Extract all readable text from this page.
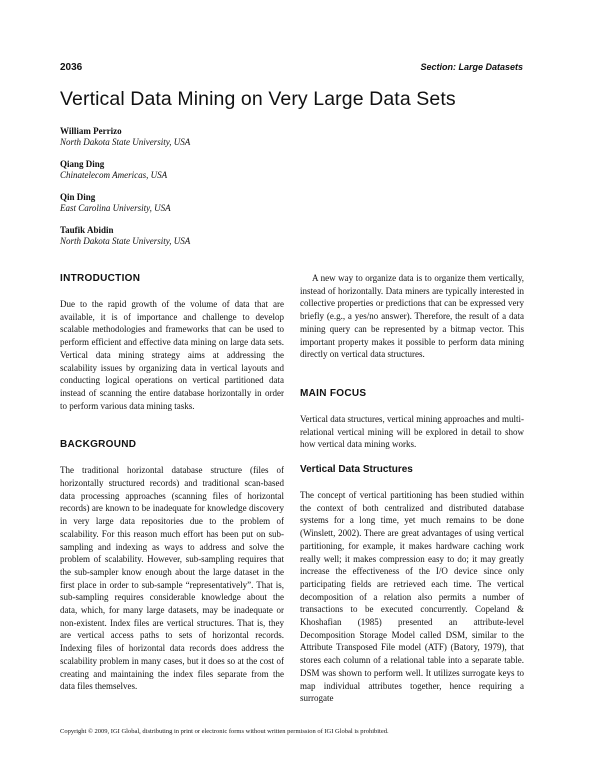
2036	Section: Large Datasets
Vertical Data Mining on Very Large Data Sets
William Perrizo
North Dakota State University, USA
Qiang Ding
Chinatelecom Americas, USA
Qin Ding
East Carolina University, USA
Taufik Abidin
North Dakota State University, USA
INTRODUCTION

Due to the rapid growth of the volume of data that are available, it is of importance and challenge to develop scalable methodologies and frameworks that can be used to perform efficient and effective data mining on large data sets. Vertical data mining strategy aims at addressing the scalability issues by organizing data in vertical layouts and conducting logical operations on vertical partitioned data instead of scanning the entire database horizontally in order to perform various data mining tasks.

BACKGROUND

The traditional horizontal database structure (files of horizontally structured records) and traditional scan-based data processing approaches (scanning files of horizontal records) are known to be inadequate for knowledge discovery in very large data repositories due to the problem of scalability. For this reason much effort has been put on sub-sampling and indexing as ways to address and solve the problem of scalability. However, sub-sampling requires that the sub-sampler know enough about the large dataset in the first place in order to sub-sample “representatively”. That is, sub-sampling requires considerable knowledge about the data, which, for many large datasets, may be inadequate or non-existent. Index files are vertical structures. That is, they are vertical access paths to sets of horizontal records. Indexing files of horizontal data records does address the scalability problem in many cases, but it does so at the cost of creating and maintaining the index files separate from the data files themselves.

A new way to organize data is to organize them vertically, instead of horizontally. Data miners are typically interested in collective properties or predictions that can be expressed very briefly (e.g., a yes/no answer). Therefore, the result of a data mining query can be represented by a bitmap vector. This important property makes it possible to perform data mining directly on vertical data structures.

MAIN FOCUS

Vertical data structures, vertical mining approaches and multi-relational vertical mining will be explored in detail to show how vertical data mining works.

Vertical Data Structures

The concept of vertical partitioning has been studied within the context of both centralized and distributed database systems for a long time, yet much remains to be done (Winslett, 2002). There are great advantages of using vertical partitioning, for example, it makes hardware caching work really well; it makes compression easy to do; it may greatly increase the effectiveness of the I/O device since only participating fields are retrieved each time. The vertical decomposition of a relation also permits a number of transactions to be executed concurrently. Copeland & Khoshafian (1985) presented an attribute-level Decomposition Storage Model called DSM, similar to the Attribute Transposed File model (ATF) (Batory, 1979), that stores each column of a relational table into a separate table. DSM was shown to perform well. It utilizes surrogate keys to map individual attributes together, hence requiring a surrogate

Copyright © 2009, IGI Global, distributing in print or electronic forms without written permission of IGI Global is prohibited.
